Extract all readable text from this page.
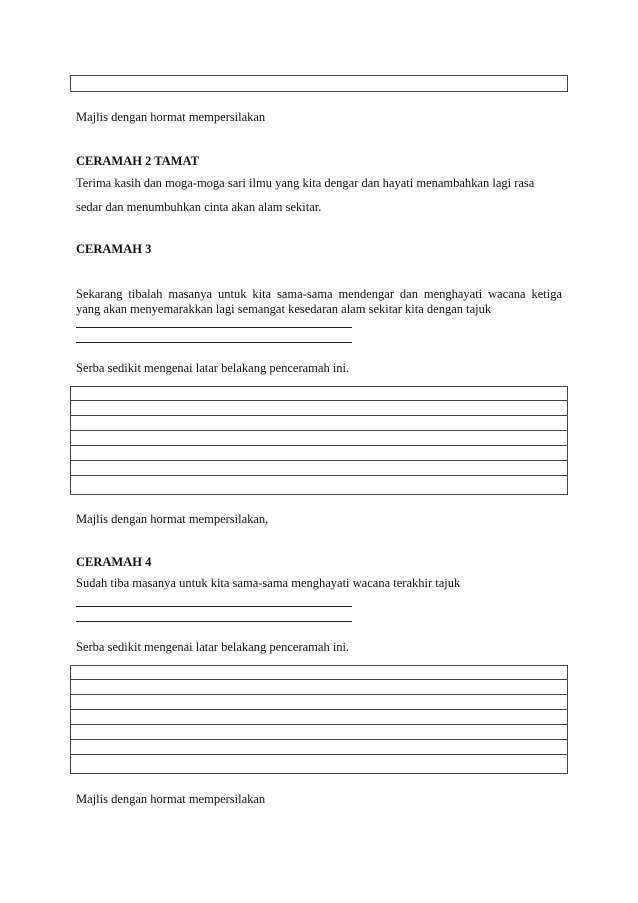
Majlis dengan hormat mempersilakan
CERAMAH 2 TAMAT
Terima kasih dan moga-moga sari ilmu yang kita dengar dan hayati menambahkan lagi rasa
sedar dan menumbuhkan cinta akan alam sekitar.
CERAMAH 3
Sekarang tibalah masanya untuk kita sama-sama mendengar dan menghayati wacana ketiga
yang akan menyemarakkan lagi semangat kesedaran alam sekitar kita dengan tajuk
Serba sedikit mengenai latar belakang penceramah ini.
Majlis dengan hormat mempersilakan,
CERAMAH 4
Sudah tiba masanya untuk kita sama-sama menghayati wacana terakhir tajuk
Serba sedikit mengenai latar belakang penceramah ini.
Majlis dengan hormat mempersilakan
